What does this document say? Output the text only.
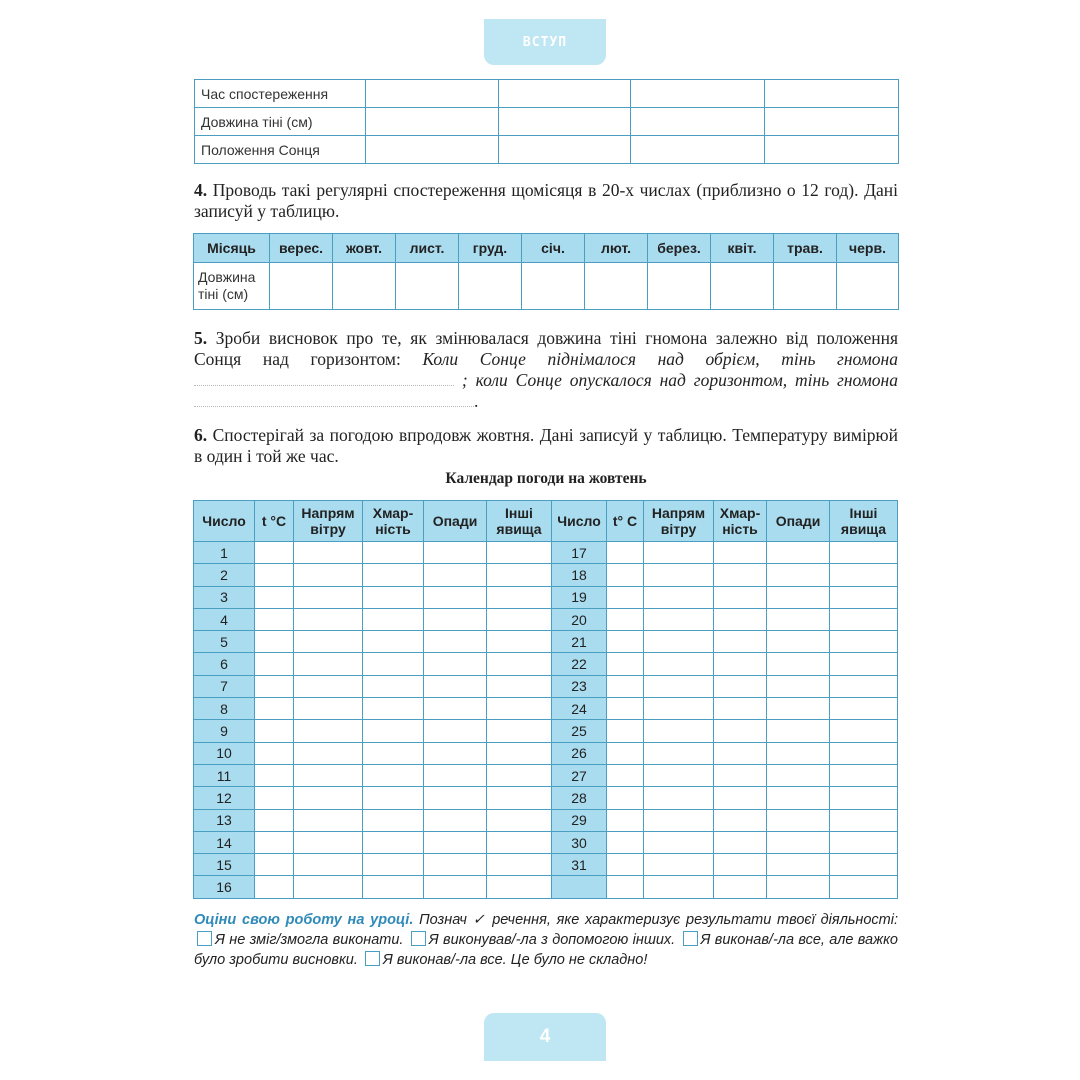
ВСТУП
Час спостереження				
Довжина тіні (см)				
Положення Сонця				
4. Проводь такі регулярні спостереження щомісяця в 20-х числах (приблизно о 12 год). Дані записуй у таблицю.
Місяць	верес.	жовт.	лист.	груд.	січ.	лют.	берез.	квіт.	трав.	черв.
Довжина
тіні (см)										
5. Зроби висновок про те, як змінювалася довжина тіні гномона залежно від положення Сонця над горизонтом: Коли Сонце піднімалося над обрієм, тінь гномона  ; коли Сонце опускалося над горизонтом, тінь гномона .
6. Спостерігай за погодою впродовж жовтня. Дані записуй у таблицю. Температуру вимірюй в один і той же час.
Календар погоди на жовтень
Число	t °C	Напрям вітру	Хмар-ність	Опади	Інші явища	Число	t° C	Напрям вітру	Хмар-ність	Опади	Інші явища
1						17					
2						18					
3						19					
4						20					
5						21					
6						22					
7						23					
8						24					
9						25					
10						26					
11						27					
12						28					
13						29					
14						30					
15						31					
16											
Оціни свою роботу на уроці. Познач ✓ речення, яке характеризує результати твоєї діяльності: Я не зміг/змогла виконати. Я виконував/-ла з допомогою інших. Я виконав/-ла все, але важко було зробити висновки. Я виконав/-ла все. Це було не складно!
4
